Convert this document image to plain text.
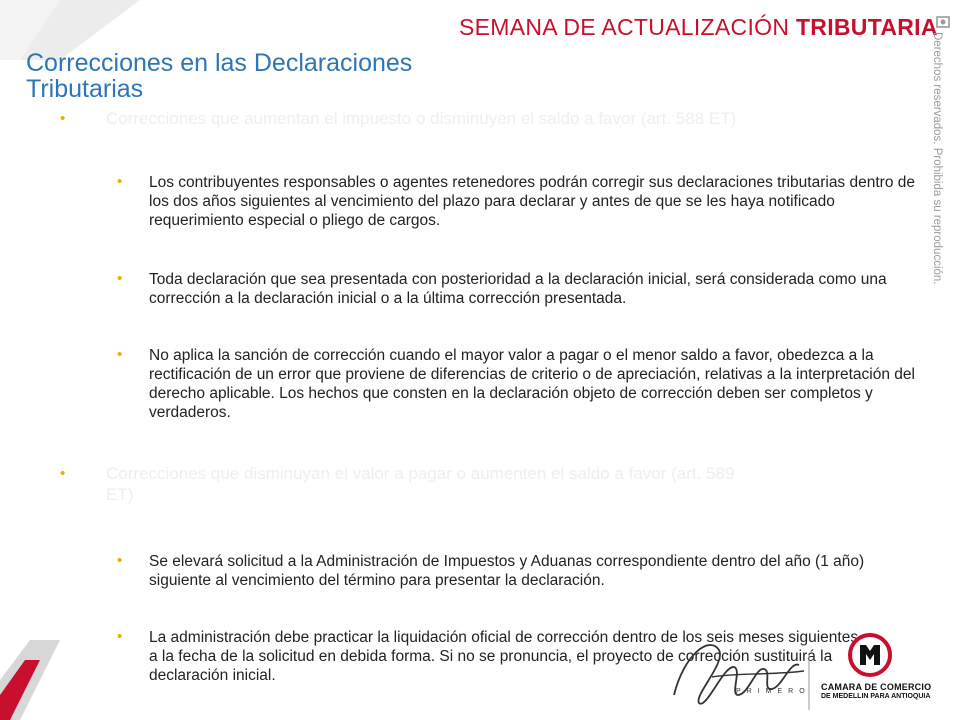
SEMANA DE ACTUALIZACIÓN TRIBUTARIA
Correcciones en las Declaraciones
Tributarias	Derechos reservados. Prohibida su reproducción.
• Correcciones que aumentan el impuesto o disminuyen el saldo a favor (art. 588 ET)
• Los contribuyentes responsables o agentes retenedores podrán corregir sus declaraciones tributarias dentro de los dos años siguientes al vencimiento del plazo para declarar y antes de que se les haya notificado requerimiento especial o pliego de cargos.
• Toda declaración que sea presentada con posterioridad a la declaración inicial, será considerada como una corrección a la declaración inicial o a la última corrección presentada.
• No aplica la sanción de corrección cuando el mayor valor a pagar o el menor saldo a favor, obedezca a la rectificación de un error que proviene de diferencias de criterio o de apreciación, relativas a la interpretación del derecho aplicable. Los hechos que consten en la declaración objeto de corrección deben ser completos y verdaderos.
• Correcciones que disminuyan el valor a pagar o aumenten el saldo a favor (art. 589
ET)
• Se elevará solicitud a la Administración de Impuestos y Aduanas correspondiente dentro del año (1 año) siguiente al vencimiento del término para presentar la declaración.
• La administración debe practicar la liquidación oficial de corrección dentro de los seis meses siguientes a la fecha de la solicitud en debida forma. Si no se pronuncia, el proyecto de corrección sustituirá la declaración inicial.
PRIMERO CAMARA DE COMERCIO
DE MEDELLIN PARA ANTIOQUIA
